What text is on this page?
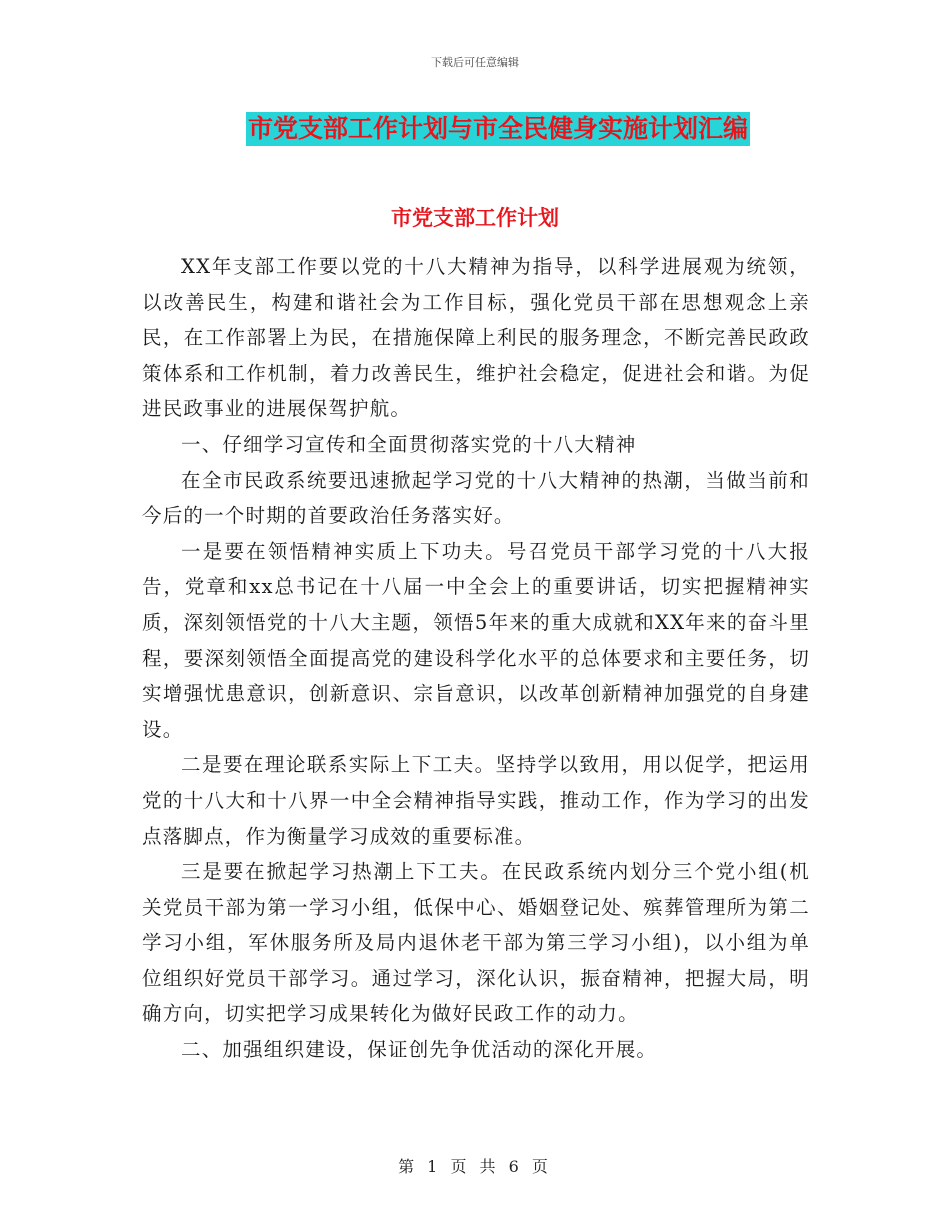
下载后可任意编辑
市党支部工作计划与市全民健身实施计划汇编
市党支部工作计划

XX年支部工作要以党的十八大精神为指导，以科学进展观为统领，以改善民生，构建和谐社会为工作目标，强化党员干部在思想观念上亲民，在工作部署上为民，在措施保障上利民的服务理念，不断完善民政政策体系和工作机制，着力改善民生，维护社会稳定，促进社会和谐。为促进民政事业的进展保驾护航。

一、仔细学习宣传和全面贯彻落实党的十八大精神

在全市民政系统要迅速掀起学习党的十八大精神的热潮，当做当前和今后的一个时期的首要政治任务落实好。

一是要在领悟精神实质上下功夫。号召党员干部学习党的十八大报告，党章和xx总书记在十八届一中全会上的重要讲话，切实把握精神实质，深刻领悟党的十八大主题，领悟5年来的重大成就和XX年来的奋斗里程，要深刻领悟全面提高党的建设科学化水平的总体要求和主要任务，切实增强忧患意识，创新意识、宗旨意识，以改革创新精神加强党的自身建设。

二是要在理论联系实际上下工夫。坚持学以致用，用以促学，把运用党的十八大和十八界一中全会精神指导实践，推动工作，作为学习的出发点落脚点，作为衡量学习成效的重要标准。

三是要在掀起学习热潮上下工夫。在民政系统内划分三个党小组(机关党员干部为第一学习小组，低保中心、婚姻登记处、殡葬管理所为第二学习小组，军休服务所及局内退休老干部为第三学习小组)，以小组为单位组织好党员干部学习。通过学习，深化认识，振奋精神，把握大局，明确方向，切实把学习成果转化为做好民政工作的动力。

二、加强组织建设，保证创先争优活动的深化开展。

第 1 页 共 6 页
